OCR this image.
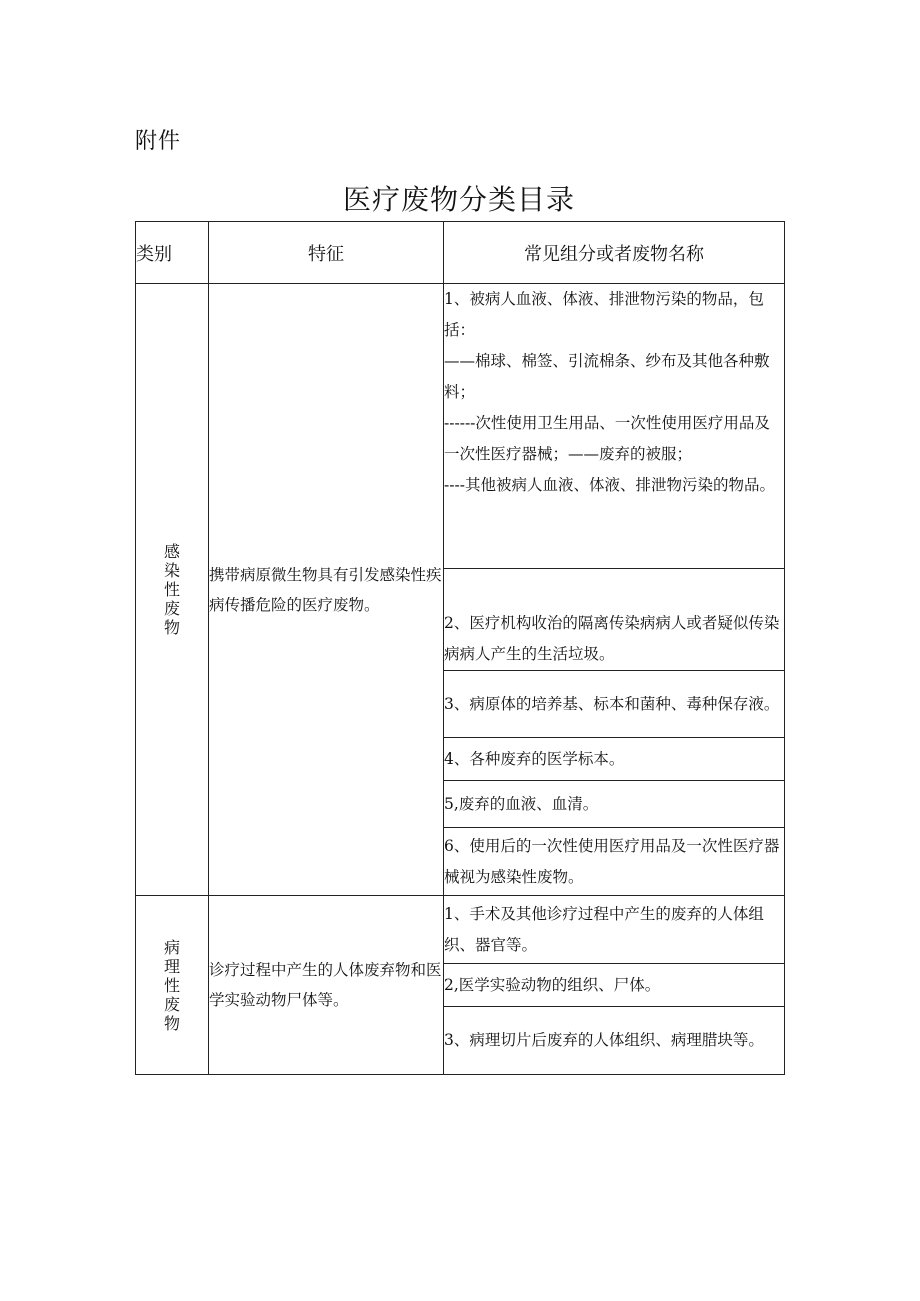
附件
医疗废物分类目录
类别	特征	常见组分或者废物名称
感染性废物	携带病原微生物具有引发感染性疾病传播危险的医疗废物。	1、被病人血液、体液、排泄物污染的物品，包括：
——棉球、棉签、引流棉条、纱布及其他各种敷料；
------次性使用卫生用品、一次性使用医疗用品及一次性医疗器械；——废弃的被服；
----其他被病人血液、体液、排泄物污染的物品。

		2、医疗机构收治的隔离传染病病人或者疑似传染病病人产生的生活垃圾。

		3、病原体的培养基、标本和菌种、毒种保存液。

		4、各种废弃的医学标本。

		5,废弃的血液、血清。

		6、使用后的一次性使用医疗用品及一次性医疗器械视为感染性废物。

病理性废物	诊疗过程中产生的人体废弃物和医学实验动物尸体等。	1、手术及其他诊疗过程中产生的废弃的人体组织、器官等。

		2,医学实验动物的组织、尸体。

		3、病理切片后废弃的人体组织、病理腊块等。
